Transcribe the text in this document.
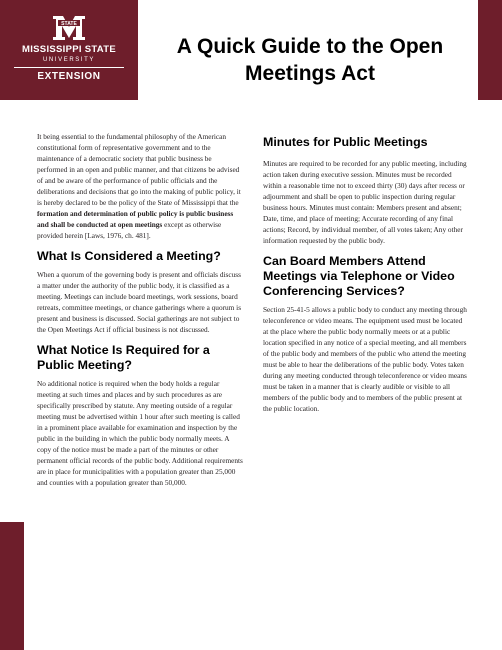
STATE
MISSISSIPPI STATE
UNIVERSITY
EXTENSION
A Quick Guide to the Open Meetings Act

It being essential to the fundamental philosophy of the American constitutional form of representative government and to the maintenance of a democratic society that public business be performed in an open and public manner, and that citizens be advised of and be aware of the performance of public officials and the deliberations and decisions that go into the making of public policy, it is hereby declared to be the policy of the State of Mississippi that the formation and determination of public policy is public business and shall be conducted at open meetings except as otherwise provided herein [Laws, 1976, ch. 481].

What Is Considered a Meeting?

When a quorum of the governing body is present and officials discuss a matter under the authority of the public body, it is classified as a meeting. Meetings can include board meetings, work sessions, board retreats, committee meetings, or chance gatherings where a quorum is present and business is discussed. Social gatherings are not subject to the Open Meetings Act if official business is not discussed.

What Notice Is Required for a Public Meeting?

No additional notice is required when the body holds a regular meeting at such times and places and by such procedures as are specifically prescribed by statute. Any meeting outside of a regular meeting must be advertised within 1 hour after such meeting is called in a prominent place available for examination and inspection by the public in the building in which the public body normally meets. A copy of the notice must be made a part of the minutes or other permanent official records of the public body. Additional requirements are in place for municipalities with a population greater than 25,000 and counties with a population greater than 50,000.

Minutes for Public Meetings

Minutes are required to be recorded for any public meeting, including action taken during executive session. Minutes must be recorded within a reasonable time not to exceed thirty (30) days after recess or adjournment and shall be open to public inspection during regular business hours. Minutes must contain: Members present and absent; Date, time, and place of meeting; Accurate recording of any final actions; Record, by individual member, of all votes taken; Any other information requested by the public body.

Can Board Members Attend Meetings via Telephone or Video Conferencing Services?

Section 25-41-5 allows a public body to conduct any meeting through teleconference or video means. The equipment used must be located at the place where the public body normally meets or at a public location specified in any notice of a special meeting, and all members of the public body and members of the public who attend the meeting must be able to hear the deliberations of the public body. Votes taken during any meeting conducted through teleconference or video means must be taken in a manner that is clearly audible or visible to all members of the public body and to members of the public present at the public location.
